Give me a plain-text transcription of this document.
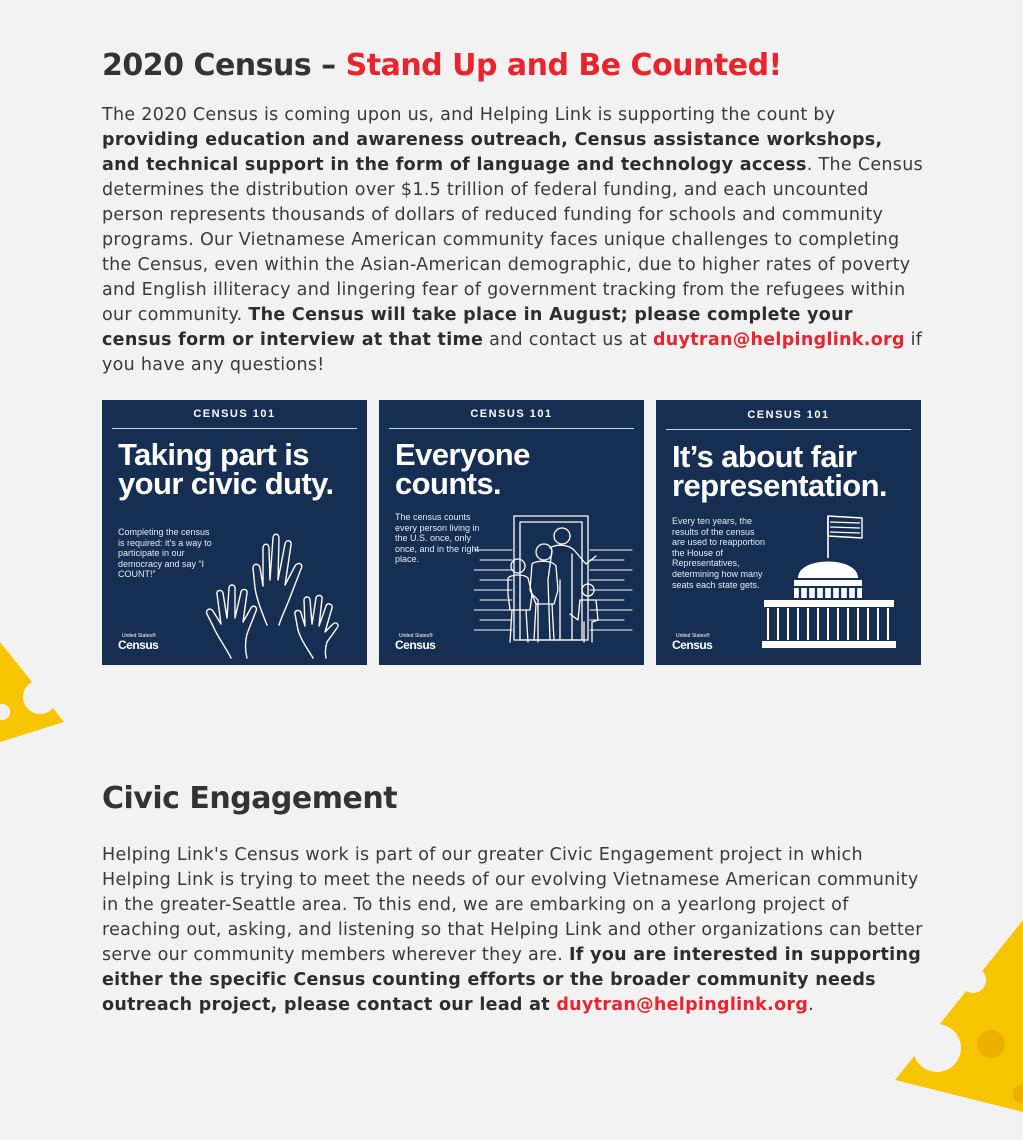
2020 Census – Stand Up and Be Counted!

The 2020 Census is coming upon us, and Helping Link is supporting the count by providing education and awareness outreach, Census assistance workshops, and technical support in the form of language and technology access. The Census determines the distribution over $1.5 trillion of federal funding, and each uncounted person represents thousands of dollars of reduced funding for schools and community programs. Our Vietnamese American community faces unique challenges to completing the Census, even within the Asian-American demographic, due to higher rates of poverty and English illiteracy and lingering fear of government tracking from the refugees within our community. The Census will take place in August; please complete your census form or interview at that time and contact us at duytran@helpinglink.org if you have any questions!

CENSUS 101
Taking part is your civic duty.
Completing the census is required: it's a way to participate in our democracy and say “I COUNT!”
United States®
Census
CENSUS 101
Everyone counts.
The census counts every person living in the U.S. once, only once, and in the right place.
United States®
Census
CENSUS 101
It’s about fair representation.
Every ten years, the results of the census are used to reapportion the House of Representatives, determining how many seats each state gets.
United States®
Census
Civic Engagement

Helping Link's Census work is part of our greater Civic Engagement project in which Helping Link is trying to meet the needs of our evolving Vietnamese American community in the greater-Seattle area. To this end, we are embarking on a yearlong project of reaching out, asking, and listening so that Helping Link and other organizations can better serve our community members wherever they are. If you are interested in supporting either the specific Census counting efforts or the broader community needs outreach project, please contact our lead at duytran@helpinglink.org.
